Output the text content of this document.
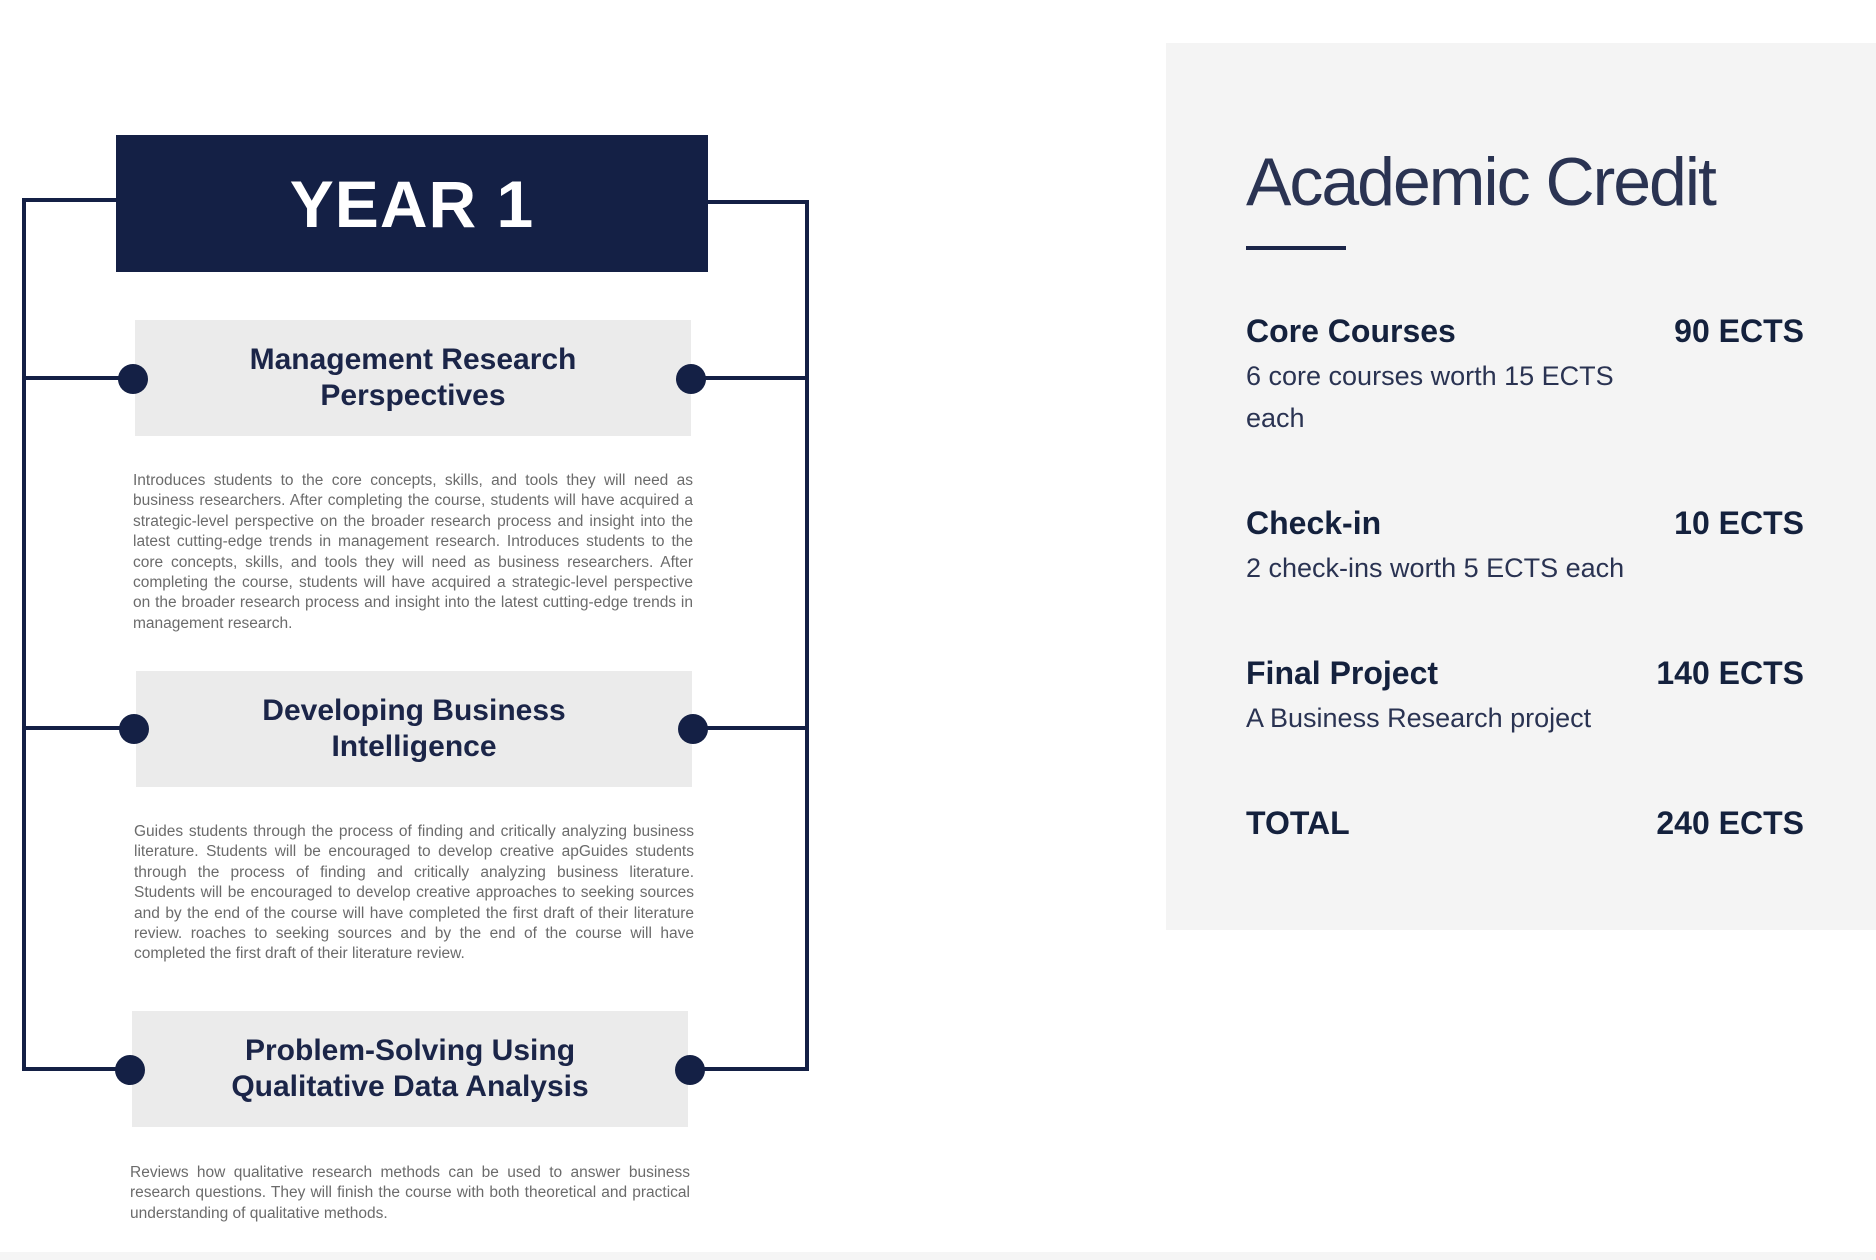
YEAR 1
Management Research Perspectives

Introduces students to the core concepts, skills, and tools they will need as business researchers. After completing the course, students will have acquired a strategic-level perspective on the broader research process and insight into the latest cutting-edge trends in management research. Introduces students to the core concepts, skills, and tools they will need as business researchers. After completing the course, students will have acquired a strategic-level perspective on the broader research process and insight into the latest cutting-edge trends in management research.

Developing Business Intelligence

Guides students through the process of finding and critically analyzing business literature. Students will be encouraged to develop creative apGuides students through the process of finding and critically analyzing business literature. Students will be encouraged to develop creative approaches to seeking sources and by the end of the course will have completed the first draft of their literature review. roaches to seeking sources and by the end of the course will have completed the first draft of their literature review.

Problem-Solving Using Qualitative Data Analysis

Reviews how qualitative research methods can be used to answer business research questions. They will finish the course with both theoretical and practical understanding of qualitative methods.

Academic Credit
Core Courses	90 ECTS

6 core courses worth 15 ECTS each

Check-in	10 ECTS

2 check-ins worth 5 ECTS each

Final Project	140 ECTS

A Business Research project

TOTAL	240 ECTS
